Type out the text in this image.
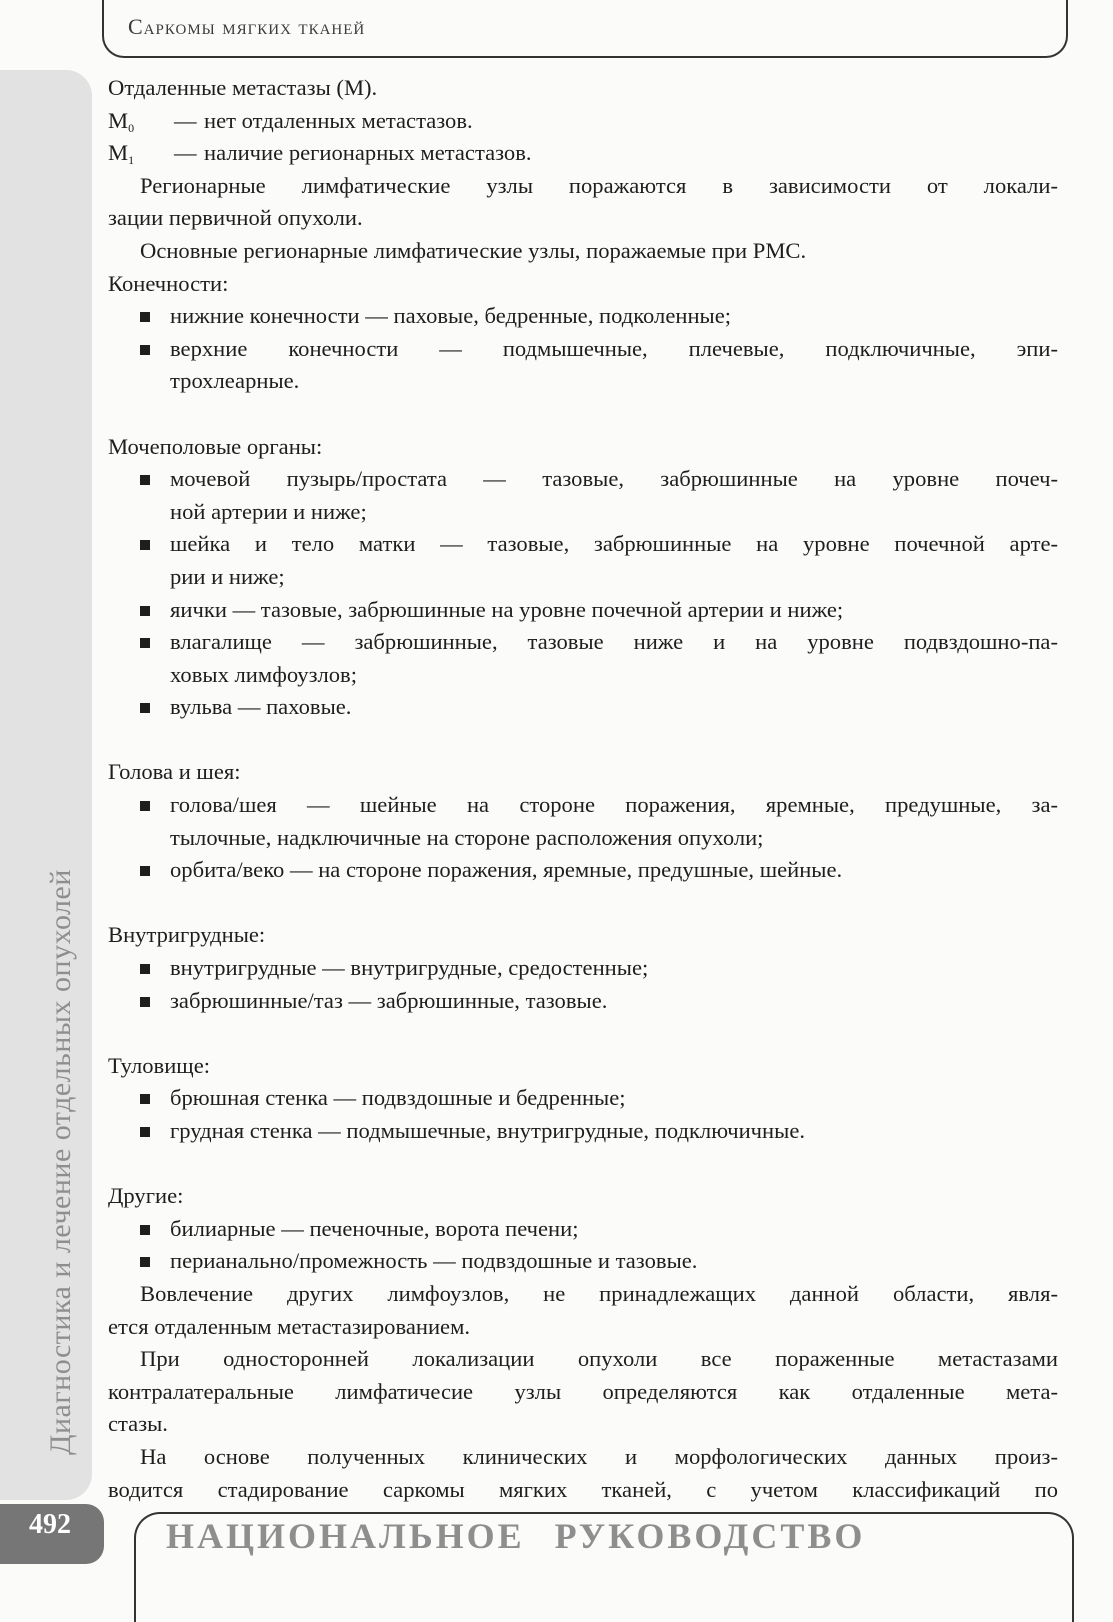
Саркомы мягких тканей
Диагностика и лечение отдельных опухолей
492	НАЦИОНАЛЬНОЕ РУКОВОДСТВО
Отдаленные метастазы (М).
$M_0$	— нет отдаленных метастазов.
$M_1$	— наличие регионарных метастазов.
Регионарные лимфатические узлы поражаются в зависимости от локали-
зации первичной опухоли.
Основные регионарные лимфатические узлы, поражаемые при РМС.
Конечности:
нижние конечности — паховые, бедренные, подколенные;
верхние конечности — подмышечные, плечевые, подключичные, эпи-
трохлеарные.
Мочеполовые органы:
мочевой пузырь/простата — тазовые, забрюшинные на уровне почеч-
ной артерии и ниже;
шейка и тело матки — тазовые, забрюшинные на уровне почечной арте-
рии и ниже;
яички — тазовые, забрюшинные на уровне почечной артерии и ниже;
влагалище — забрюшинные, тазовые ниже и на уровне подвздошно-па-
ховых лимфоузлов;
вульва — паховые.
Голова и шея:
голова/шея — шейные на стороне поражения, яремные, предушные, за-
тылочные, надключичные на стороне расположения опухоли;
орбита/веко — на стороне поражения, яремные, предушные, шейные.
Внутригрудные:
внутригрудные — внутригрудные, средостенные;
забрюшинные/таз — забрюшинные, тазовые.
Туловище:
брюшная стенка — подвздошные и бедренные;
грудная стенка — подмышечные, внутригрудные, подключичные.
Другие:
билиарные — печеночные, ворота печени;
перианально/промежность — подвздошные и тазовые.
Вовлечение других лимфоузлов, не принадлежащих данной области, явля-
ется отдаленным метастазированием.
При односторонней локализации опухоли все пораженные метастазами
контралатеральные лимфатичесие узлы определяются как отдаленные мета-
стазы.
На основе полученных клинических и морфологических данных произ-
водится стадирование саркомы мягких тканей, с учетом классификаций по
